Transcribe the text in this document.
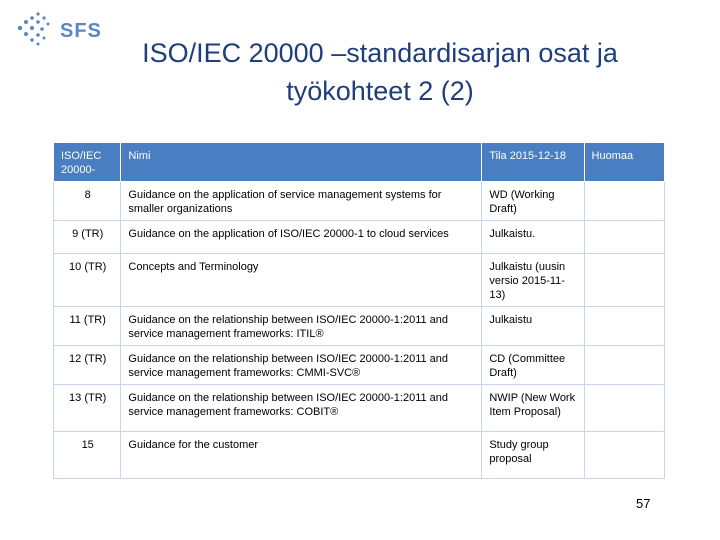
SFS
ISO/IEC 20000 –standardisarjan osat ja
työkohteet 2 (2)
ISO/IEC 20000-	Nimi	Tila 2015-12-18	Huomaa
8	Guidance on the application of service management systems for smaller organizations	WD (Working Draft)	
9 (TR)	Guidance on the application of ISO/IEC 20000-1 to cloud services	Julkaistu.	
10 (TR)	Concepts and Terminology	Julkaistu (uusin versio 2015-11-13)	
11 (TR)	Guidance on the relationship between ISO/IEC 20000-1:2011 and service management frameworks: ITIL®	Julkaistu	
12 (TR)	Guidance on the relationship between ISO/IEC 20000-1:2011 and service management frameworks: CMMI-SVC®	CD (Committee Draft)	
13 (TR)	Guidance on the relationship between ISO/IEC 20000-1:2011 and service management frameworks: COBIT®	NWIP (New Work Item Proposal)	
15	Guidance for the customer	Study group proposal	
57
